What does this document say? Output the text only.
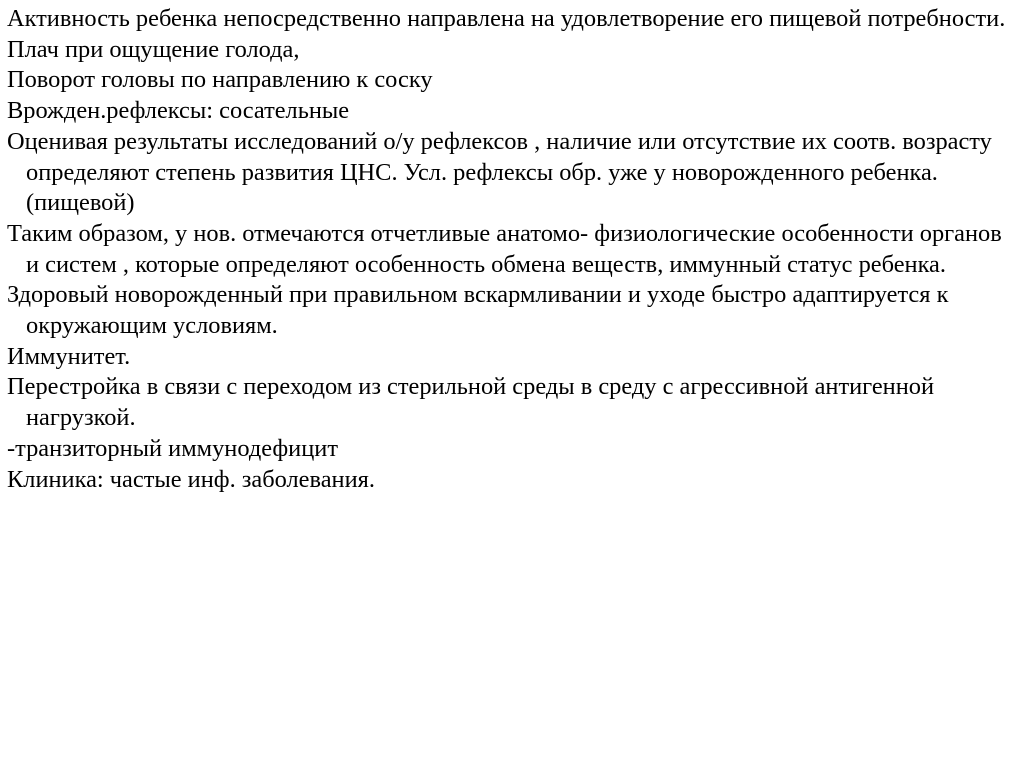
Активность ребенка непосредственно направлена на удовлетворение его пищевой потребности.

Плач при ощущение голода,

Поворот головы по направлению к соску

Врожден.рефлексы: сосательные

Оценивая результаты исследований о/у рефлексов , наличие или отсутствие их соотв. возрасту определяют степень развития ЦНС. Усл. рефлексы обр. уже у новорожденного ребенка. (пищевой)

Таким образом, у нов. отмечаются отчетливые анатомо- физиологические особенности органов и систем , которые определяют особенность обмена веществ, иммунный статус ребенка.

Здоровый новорожденный при правильном вскармливании и уходе быстро адаптируется к окружающим условиям.

Иммунитет.

Перестройка в связи с переходом из стерильной среды в среду с агрессивной антигенной нагрузкой.

-транзиторный иммунодефицит

Клиника: частые инф. заболевания.
